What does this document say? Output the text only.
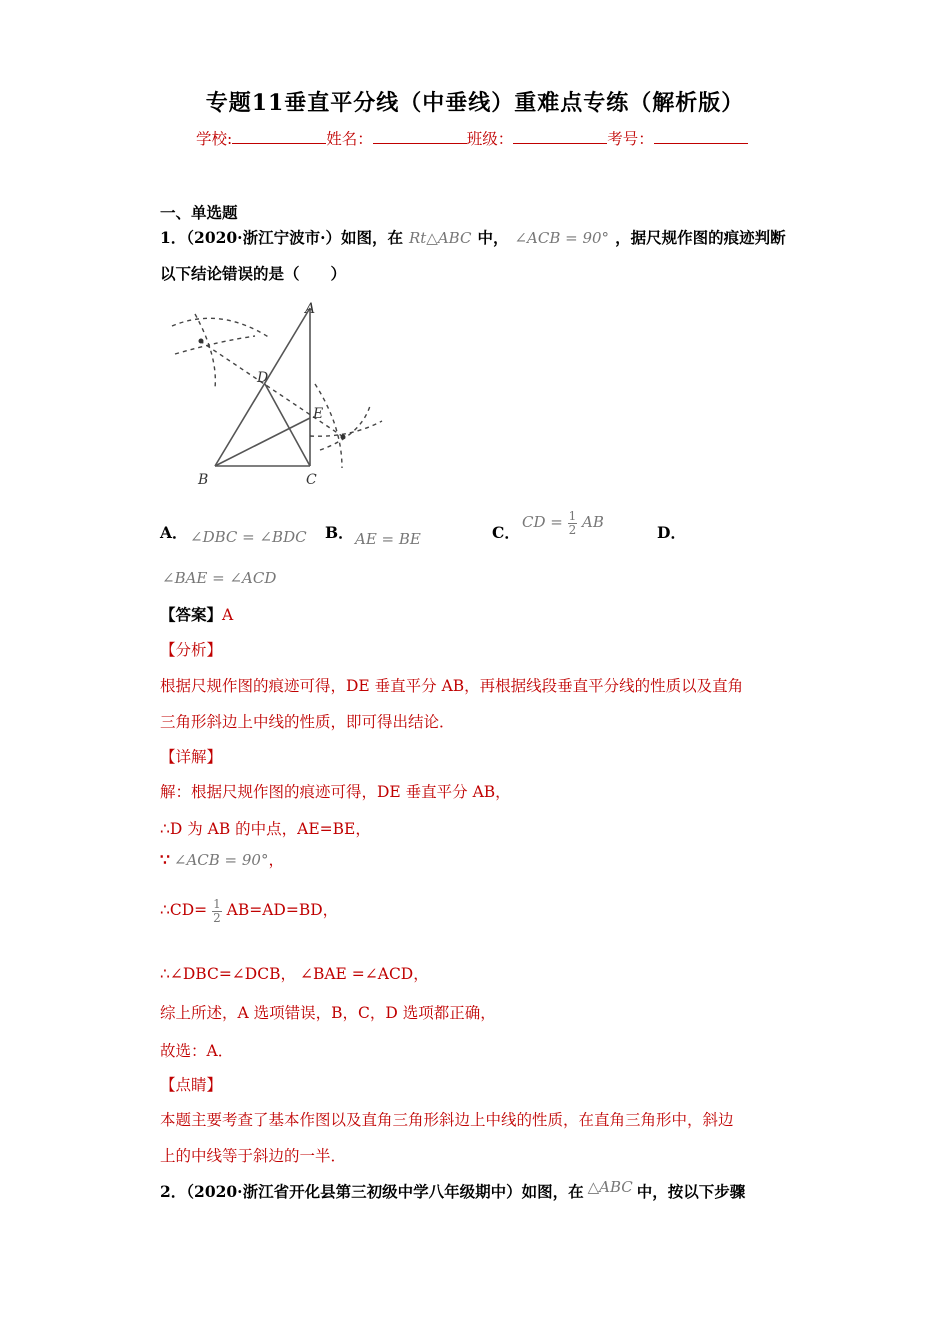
专题11垂直平分线（中垂线）重难点专练（解析版）
学校:	姓名：	班级：	考号：
一、单选题
1．（2020·浙江宁波市·）如图，在 Rt△ABC 中， ∠ACB = 90° ，据尺规作图的痕迹判断
以下结论错误的是（　　）
A
B	C
D
E
A． ∠DBC = ∠BDC B． AE = BE	C．
CD = $\frac{1}{2}$ AB
D．
∠BAE = ∠ACD
【答案】A
【分析】
根据尺规作图的痕迹可得，DE 垂直平分 AB，再根据线段垂直平分线的性质以及直角
三角形斜边上中线的性质，即可得出结论．
【详解】
解：根据尺规作图的痕迹可得，DE 垂直平分 AB，
∴D 为 AB 的中点，AE=BE，
∵ ∠ACB = 90°，
∴CD= $\frac{1}{2} AB=AD=BD$，
∴∠DBC=∠DCB， ∠BAE =∠ACD，
综上所述，A 选项错误，B，C，D 选项都正确，
故选：A．
【点睛】
本题主要考查了基本作图以及直角三角形斜边上中线的性质，在直角三角形中，斜边
上的中线等于斜边的一半．
2．（2020·浙江省开化县第三初级中学八年级期中）如图，在 △ABC 中，按以下步骤
